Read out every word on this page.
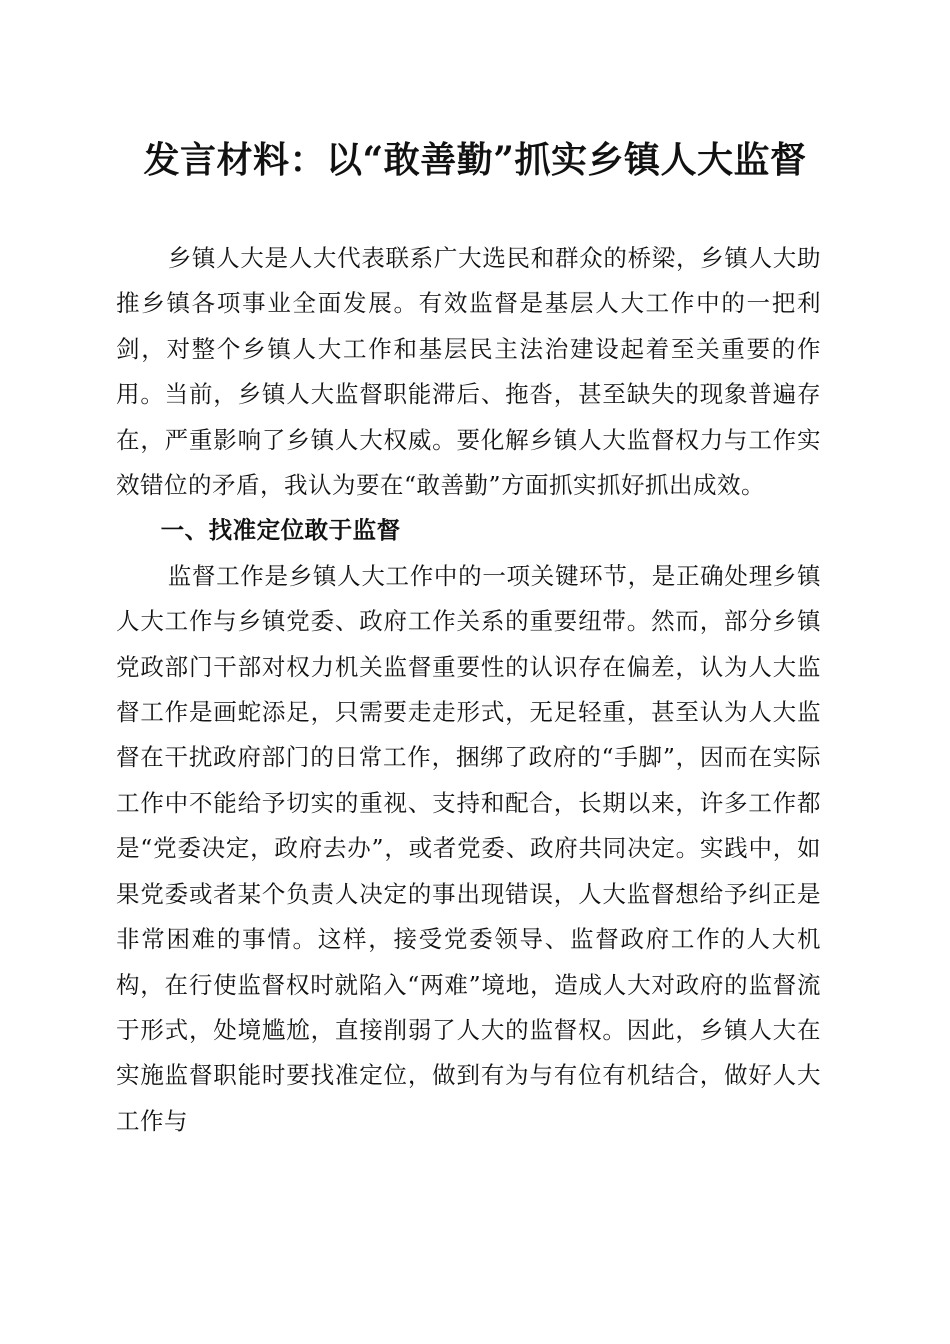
发言材料：以“敢善勤”抓实乡镇人大监督

乡镇人大是人大代表联系广大选民和群众的桥梁，乡镇人大助推乡镇各项事业全面发展。有效监督是基层人大工作中的一把利剑，对整个乡镇人大工作和基层民主法治建设起着至关重要的作用。当前，乡镇人大监督职能滞后、拖沓，甚至缺失的现象普遍存在，严重影响了乡镇人大权威。要化解乡镇人大监督权力与工作实效错位的矛盾，我认为要在“敢善勤”方面抓实抓好抓出成效。

一、找准定位敢于监督

监督工作是乡镇人大工作中的一项关键环节，是正确处理乡镇人大工作与乡镇党委、政府工作关系的重要纽带。然而，部分乡镇党政部门干部对权力机关监督重要性的认识存在偏差，认为人大监督工作是画蛇添足，只需要走走形式，无足轻重，甚至认为人大监督在干扰政府部门的日常工作，捆绑了政府的“手脚”，因而在实际工作中不能给予切实的重视、支持和配合，长期以来，许多工作都是“党委决定，政府去办”，或者党委、政府共同决定。实践中，如果党委或者某个负责人决定的事出现错误，人大监督想给予纠正是非常困难的事情。这样，接受党委领导、监督政府工作的人大机构，在行使监督权时就陷入“两难”境地，造成人大对政府的监督流于形式，处境尴尬，直接削弱了人大的监督权。因此，乡镇人大在实施监督职能时要找准定位，做到有为与有位有机结合，做好人大工作与
